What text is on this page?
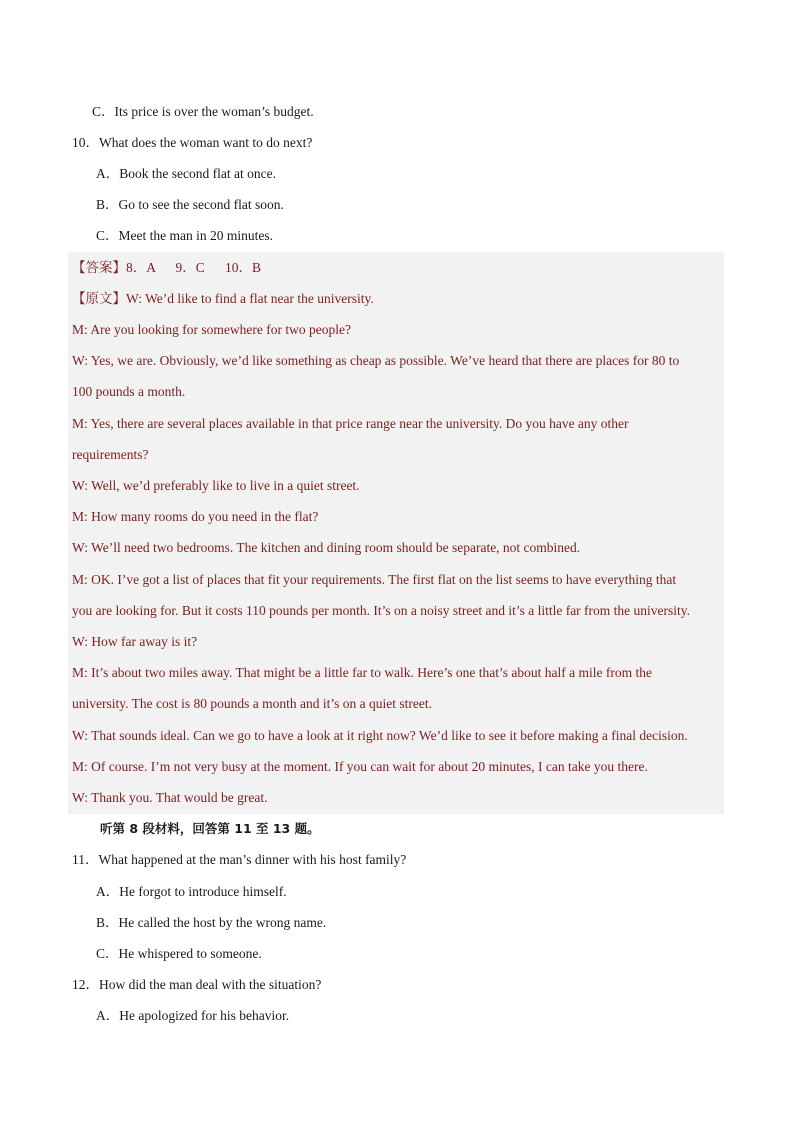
C．Its price is over the woman’s budget.
10．What does the woman want to do next?
A．Book the second flat at once.
B．Go to see the second flat soon.
C．Meet the man in 20 minutes.
【答案】8．A      9．C      10．B
【原文】W: We’d like to find a flat near the university.
M: Are you looking for somewhere for two people?
W: Yes, we are. Obviously, we’d like something as cheap as possible. We’ve heard that there are places for 80 to
100 pounds a month.
M: Yes, there are several places available in that price range near the university. Do you have any other
requirements?
W: Well, we’d preferably like to live in a quiet street.
M: How many rooms do you need in the flat?
W: We’ll need two bedrooms. The kitchen and dining room should be separate, not combined.
M: OK. I’ve got a list of places that fit your requirements. The first flat on the list seems to have everything that
you are looking for. But it costs 110 pounds per month. It’s on a noisy street and it’s a little far from the university.
W: How far away is it?
M: It’s about two miles away. That might be a little far to walk. Here’s one that’s about half a mile from the
university. The cost is 80 pounds a month and it’s on a quiet street.
W: That sounds ideal. Can we go to have a look at it right now? We’d like to see it before making a final decision.
M: Of course. I’m not very busy at the moment. If you can wait for about 20 minutes, I can take you there.
W: Thank you. That would be great.
听第 8 段材料，回答第 11 至 13 题。
11．What happened at the man’s dinner with his host family?
A．He forgot to introduce himself.
B．He called the host by the wrong name.
C．He whispered to someone.
12．How did the man deal with the situation?
A．He apologized for his behavior.
